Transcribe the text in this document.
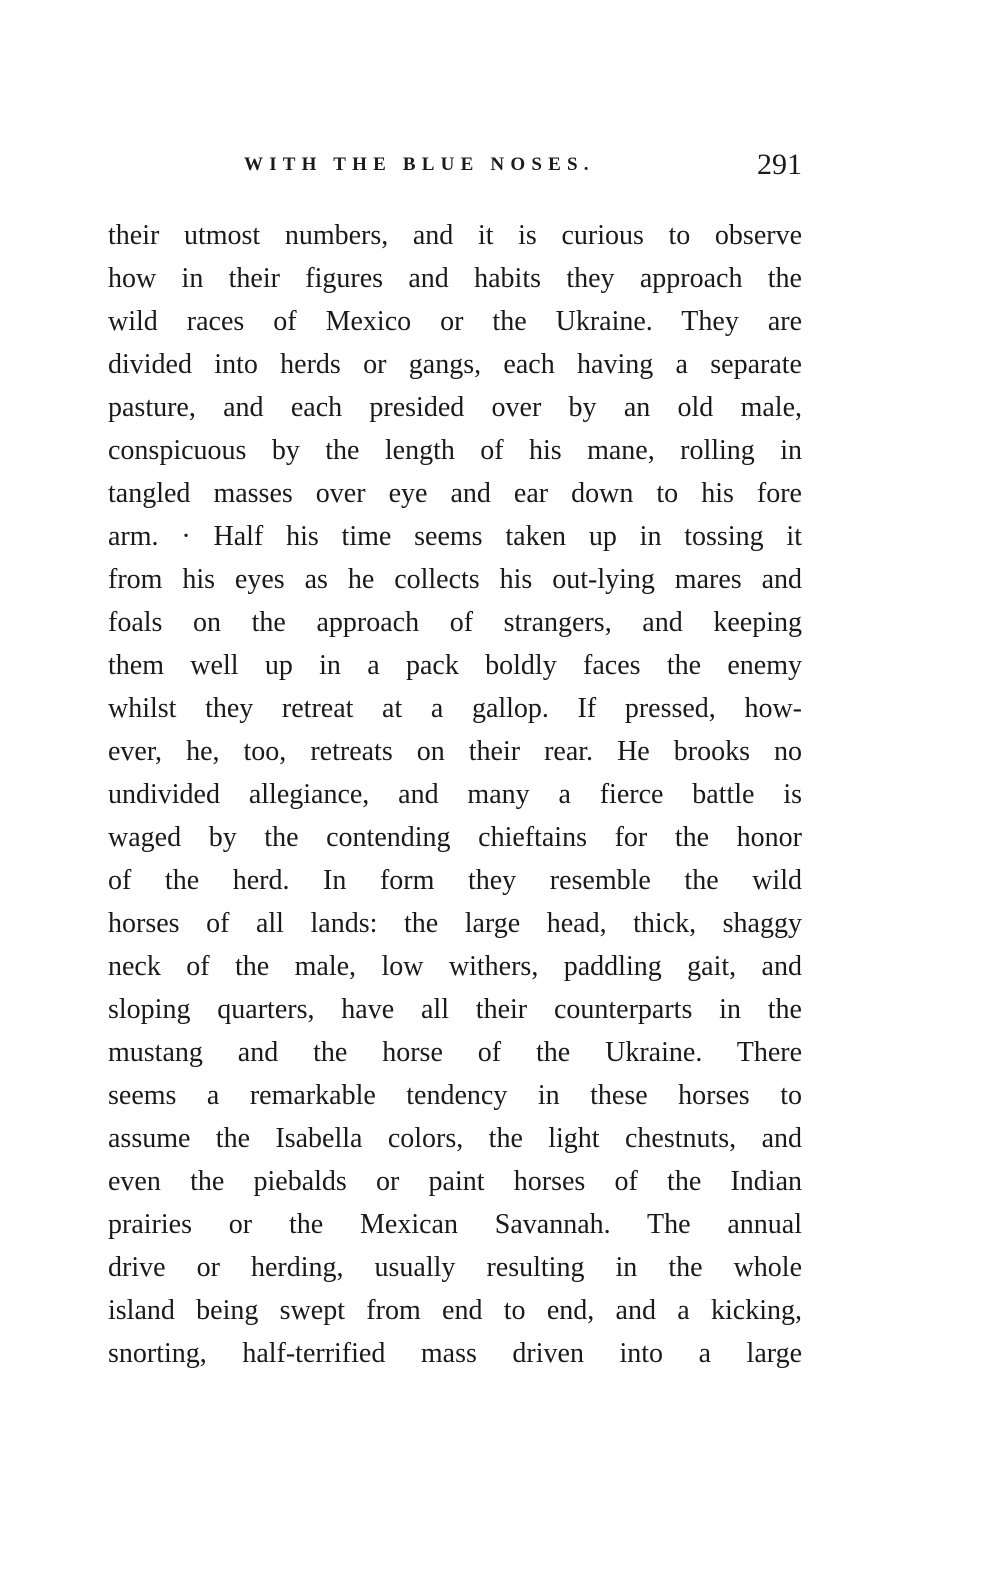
WITH THE BLUE NOSES.	291
their utmost numbers, and it is curious to observe
how in their figures and habits they approach the
wild races of Mexico or the Ukraine. They are
divided into herds or gangs, each having a separate
pasture, and each presided over by an old male,
conspicuous by the length of his mane, rolling in
tangled masses over eye and ear down to his fore
arm. · Half his time seems taken up in tossing it
from his eyes as he collects his out-lying mares and
foals on the approach of strangers, and keeping
them well up in a pack boldly faces the enemy
whilst they retreat at a gallop. If pressed, how-
ever, he, too, retreats on their rear. He brooks no
undivided allegiance, and many a fierce battle is
waged by the contending chieftains for the honor
of the herd. In form they resemble the wild
horses of all lands: the large head, thick, shaggy
neck of the male, low withers, paddling gait, and
sloping quarters, have all their counterparts in the
mustang and the horse of the Ukraine. There
seems a remarkable tendency in these horses to
assume the Isabella colors, the light chestnuts, and
even the piebalds or paint horses of the Indian
prairies or the Mexican Savannah. The annual
drive or herding, usually resulting in the whole
island being swept from end to end, and a kicking,
snorting, half-terrified mass driven into a large
